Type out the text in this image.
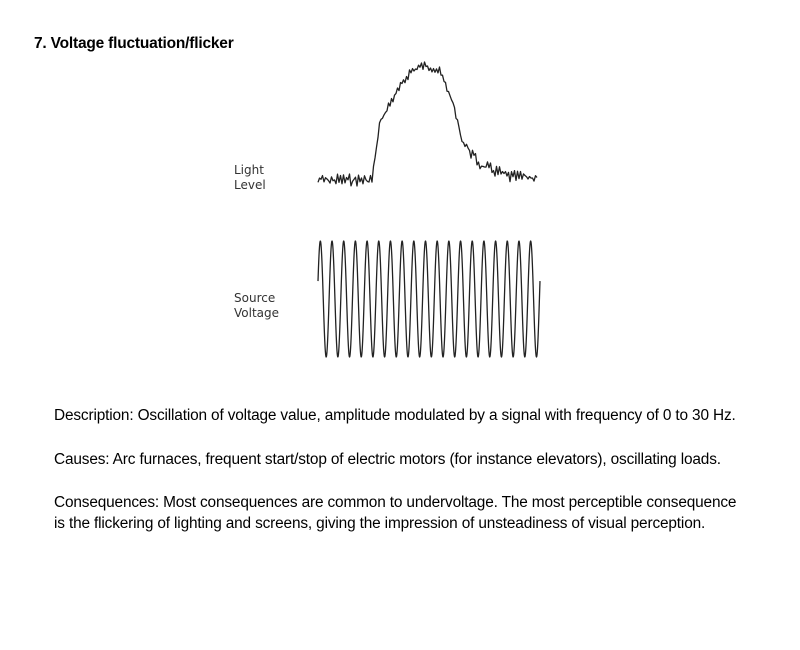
7. Voltage fluctuation/flicker
Light
Level
Source
Voltage
Description: Oscillation of voltage value, amplitude modulated by a signal with frequency of 0 to 30 Hz.
Causes: Arc furnaces, frequent start/stop of electric motors (for instance elevators), oscillating loads.
Consequences: Most consequences are common to undervoltage. The most perceptible consequence
is the flickering of lighting and screens, giving the impression of unsteadiness of visual perception.
